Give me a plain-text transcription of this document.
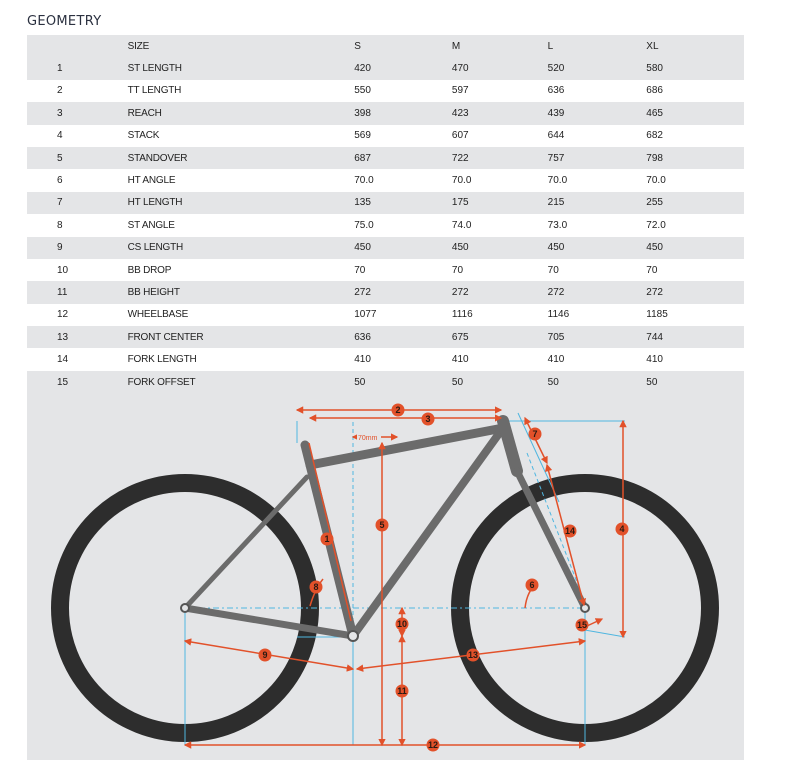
GEOMETRY
	SIZE	S	M	L	XL
1	ST LENGTH	420	470	520	580
2	TT LENGTH	550	597	636	686
3	REACH	398	423	439	465
4	STACK	569	607	644	682
5	STANDOVER	687	722	757	798
6	HT ANGLE	70.0	70.0	70.0	70.0
7	HT LENGTH	135	175	215	255
8	ST ANGLE	75.0	74.0	73.0	72.0
9	CS LENGTH	450	450	450	450
10	BB DROP	70	70	70	70
11	BB HEIGHT	272	272	272	272
12	WHEELBASE	1077	1116	1146	1185
13	FRONT CENTER	636	675	705	744
14	FORK LENGTH	410	410	410	410
15	FORK OFFSET	50	50	50	50
70mm
1
2
3
4
5
6
7
8
9
10
11
12
13
14
15
